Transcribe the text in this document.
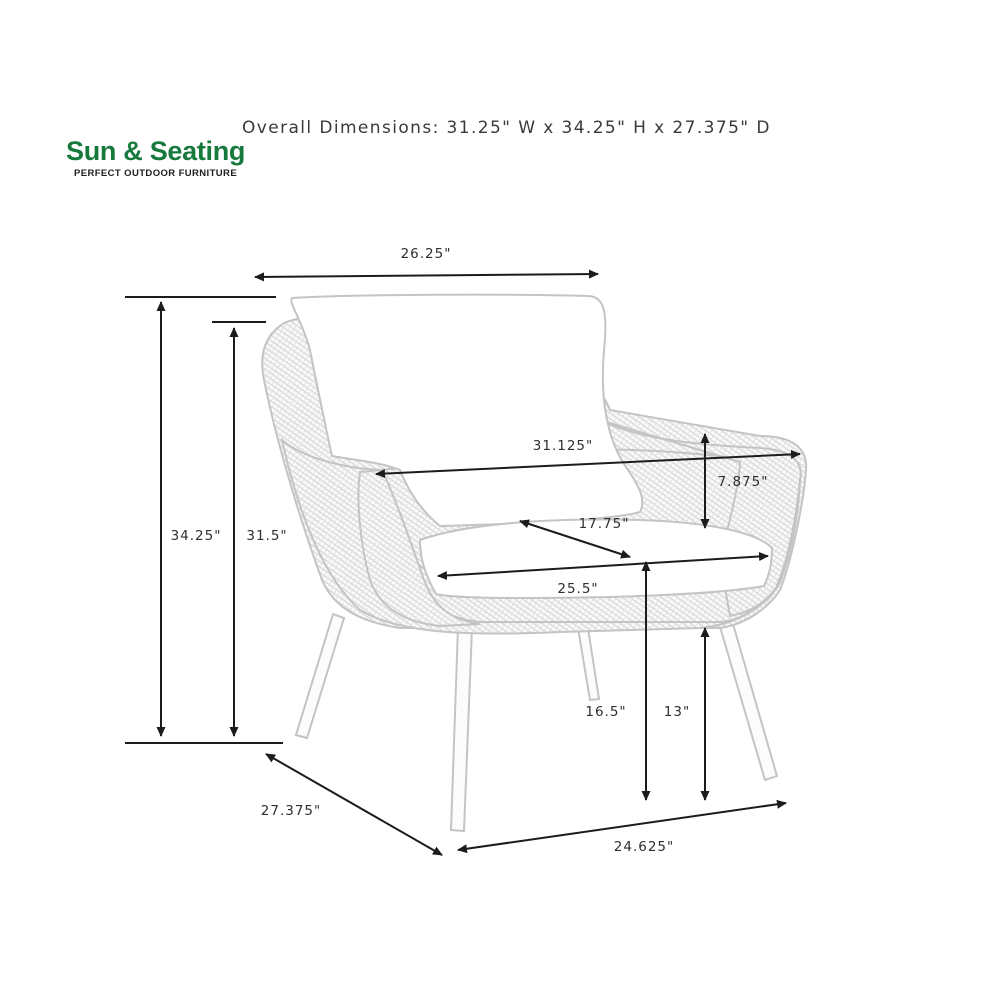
Overall Dimensions: 31.25" W x 34.25" H x 27.375" D
Sun & Seating
PERFECT OUTDOOR FURNITURE
26.25"
31.125"
7.875"
17.75"
25.5"
34.25" 31.5"
16.5"	13"
27.375"
24.625"
